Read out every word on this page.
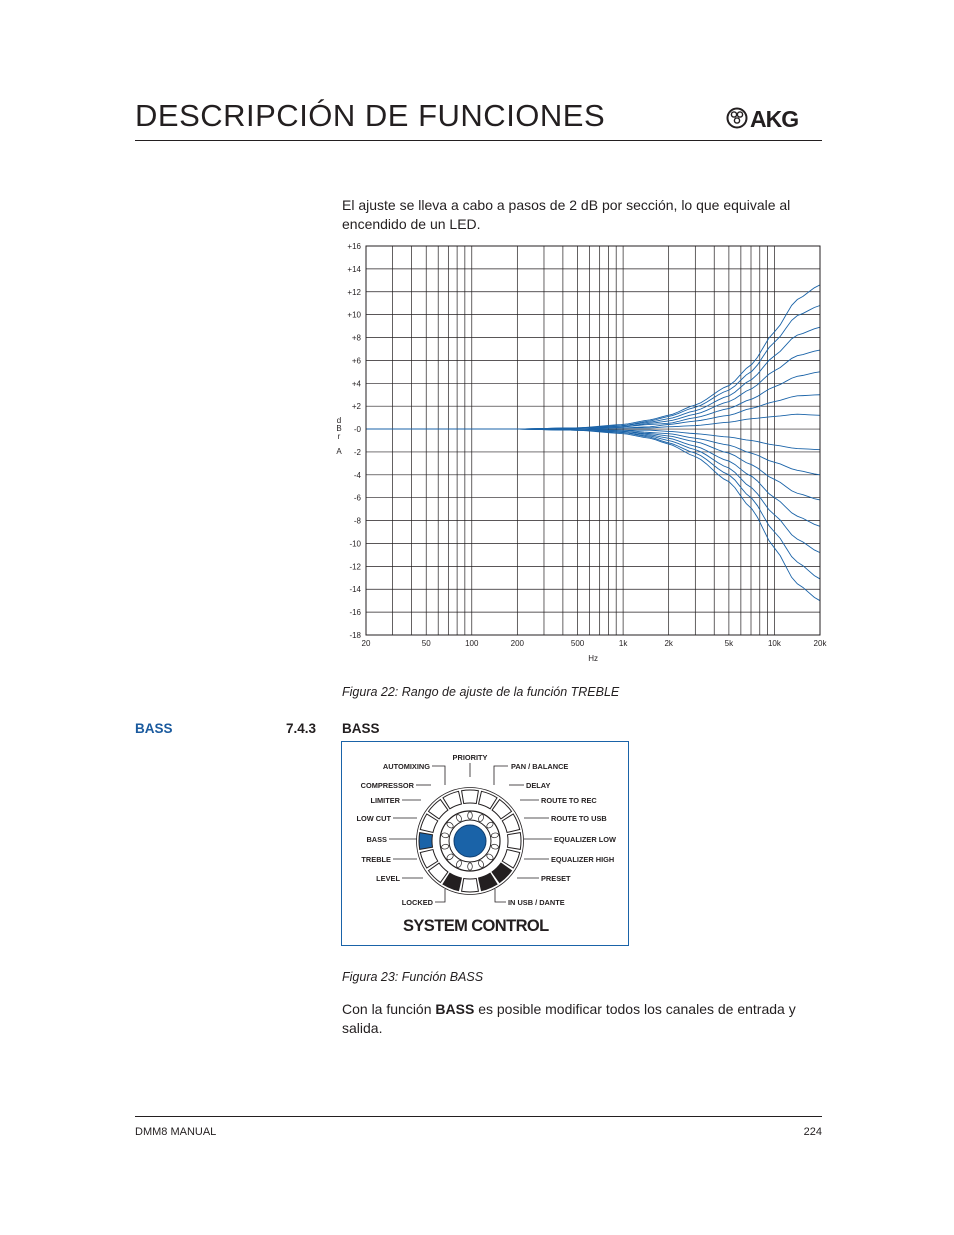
DESCRIPCIÓN DE FUNCIONES	AKG
El ajuste se lleva a cabo a pasos de 2 dB por sección, lo que equivale al encendido de un LED.
+16
+14
+12
+10
+8
+6
+4
+2
-0
-2
-4
-6
-8
-10
-12
-14
-16
-18
20	50	100	200	500	1k	2k	5k	10k	20k
d B r A
Hz
Figura 22: Rango de ajuste de la función TREBLE
BASS	7.4.3 BASS
PRIORITY
AUTOMIXING	PAN / BALANCE
COMPRESSOR	DELAY
LIMITER	ROUTE TO REC
LOW CUT	ROUTE TO USB
BASS	EQUALIZER LOW
TREBLE	EQUALIZER HIGH
LEVEL	PRESET
LOCKED	IN USB / DANTE
SYSTEM CONTROL
Figura 23: Función BASS
Con la función BASS es posible modificar todos los canales de entrada y salida.
DMM8 MANUAL	224
